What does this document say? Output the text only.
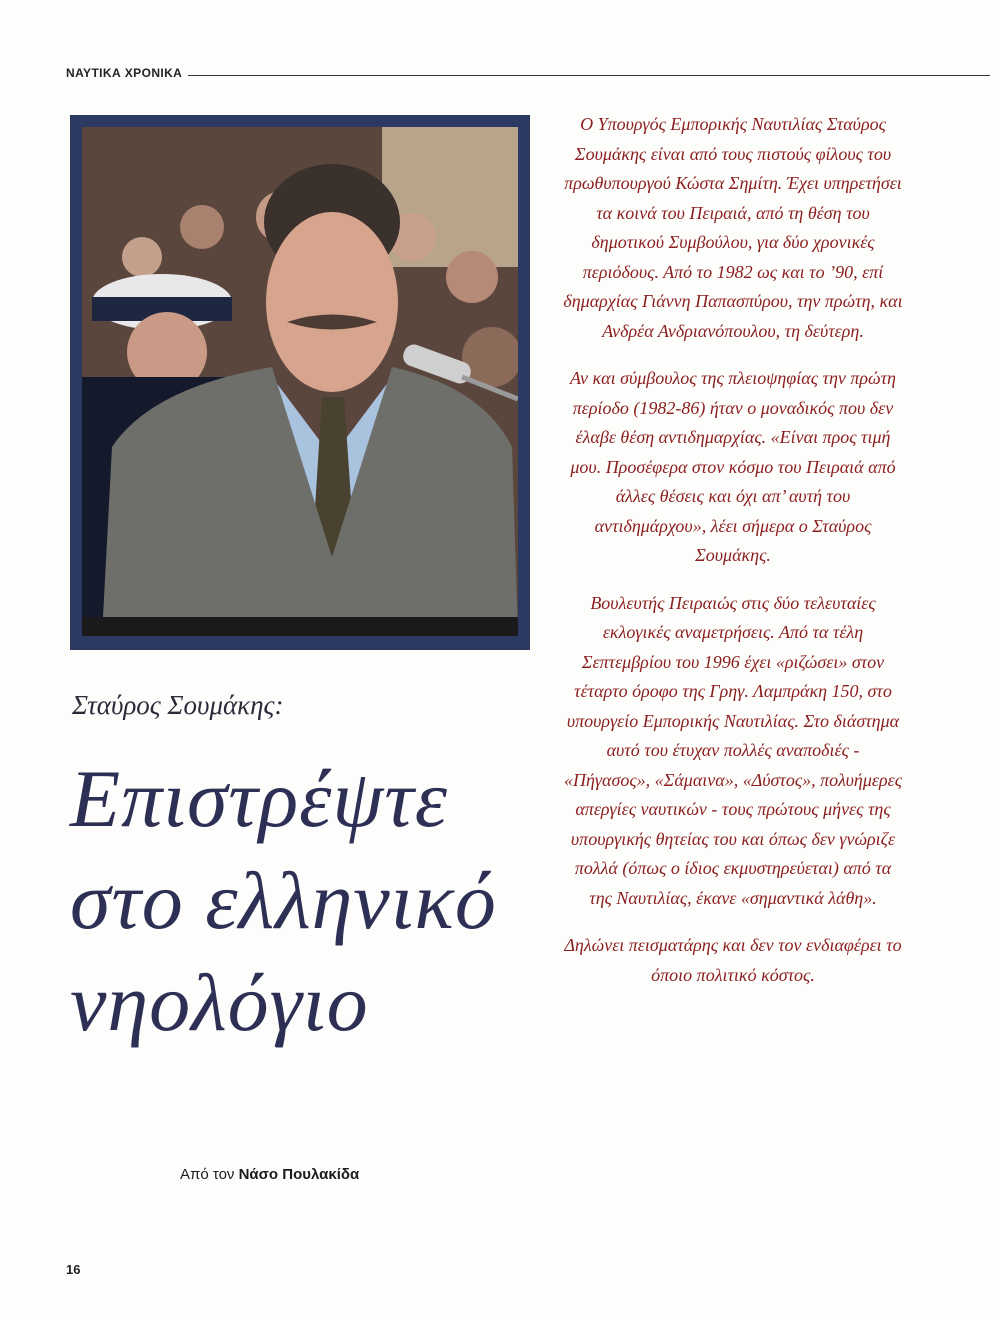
ΝΑΥΤΙΚΑ ΧΡΟΝΙΚΑ
Σταύρος Σουμάκης:
Επιστρέψτε
στο ελληνικό
νηολόγιο
Από τον Νάσο Πουλακίδα
16

Ο Υπουργός Εμπορικής Ναυτιλίας Σταύρος Σουμάκης είναι από τους πιστούς φίλους του πρωθυπουργού Κώστα Σημίτη. Έχει υπηρετήσει τα κοινά του Πειραιά, από τη θέση του δημοτικού Συμβούλου, για δύο χρονικές περιόδους. Από το 1982 ως και το ’90, επί δημαρχίας Γιάννη Παπασπύρου, την πρώτη, και Ανδρέα Ανδριανόπουλου, τη δεύτερη.

Αν και σύμβουλος της πλειοψηφίας την πρώτη περίοδο (1982-86) ήταν ο μοναδικός που δεν έλαβε θέση αντιδημαρχίας. «Είναι προς τιμή μου. Προσέφερα στον κόσμο του Πειραιά από άλλες θέσεις και όχι απ’ αυτή του αντιδημάρχου», λέει σήμερα ο Σταύρος Σουμάκης.

Βουλευτής Πειραιώς στις δύο τελευταίες εκλογικές αναμετρήσεις. Από τα τέλη Σεπτεμβρίου του 1996 έχει «ριζώσει» στον τέταρτο όροφο της Γρηγ. Λαμπράκη 150, στο υπουργείο Εμπορικής Ναυτιλίας. Στο διάστημα αυτό του έτυχαν πολλές αναποδιές - «Πήγασος», «Σάμαινα», «Δύστος», πολυήμερες απεργίες ναυτικών - τους πρώτους μήνες της υπουργικής θητείας του και όπως δεν γνώριζε πολλά (όπως ο ίδιος εκμυστηρεύεται) από τα της Ναυτιλίας, έκανε «σημαντικά λάθη».

Δηλώνει πεισματάρης και δεν τον ενδιαφέρει το όποιο πολιτικό κόστος.
